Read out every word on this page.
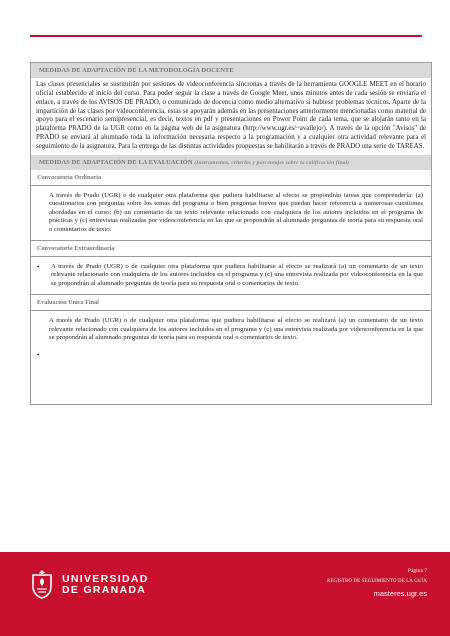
MEDIDAS DE ADAPTACIÓN DE LA METODOLOGÍA DOCENTE

Las clases presenciales se sustituirán por sesiones de videoconferencia síncronas a través de la herramienta GOOGLE MEET en el horario oficial establecido al inicio del curso. Para poder seguir la clase a través de Google Meet, unos minutos antes de cada sesión se enviaría el enlace, a través de los AVISOS DE PRADO, o comunicado de docencia como medio alternativo si hubiese problemas técnicos. Aparte de la impartición de las clases por videoconferencia, estas se apoyarán además en las presentaciones anteriormente mencionadas como material de apoyo para el escenario semipresencial, es decir, textos en pdf y presentaciones en Power Point de cada tema, que se alojarán tanto en la plataforma PRADO de la UGR como en la página web de la asignatura (http://www.ugr.es/~avallejo/). A través de la opción "Avisos" de PRADO se enviará al alumnado toda la información necesaria respecto a la programación y a cualquier otra actividad relevante para el seguimiento de la asignatura. Para la entrega de las distintas actividades propuestas se habilitarán a través de PRADO una serie de TAREAS.

MEDIDAS DE ADAPTACIÓN DE LA EVALUACIÓN (Instrumentos, criterios y porcentajes sobre la calificación final)
Convocatoria Ordinaria

A través de Prado (UGR) o de cualquier otra plataforma que pudiera habilitarse al efecto se propondrán tareas que comprendería: (a) cuestionarios con preguntas sobre los temas del programa o bien preguntas breves que puedan hacer referencia a numerosas cuestiones abordadas en el curso; (b) un comentario de un texto relevante relacionado con cualquiera de los autores incluidos en el programa de prácticas y (c) entrevistas realizadas por videoconferencia en las que se propondrán al alumnado preguntas de teoría para su respuesta oral o comentarios de texto.

Convocatoria Extraordinaria
•	A través de Prado (UGR) o de cualquier otra plataforma que pudiera habilitarse al efecto se realizará (a) un comentario de un texto relevante relacionado con cualquiera de los autores incluidos en el programa y (c) una entrevista realizada por videoconferencia en la que se propondrán al alumnado preguntas de teoría para su respuesta oral o comentarios de texto.

Evaluación Única Final

A través de Prado (UGR) o de cualquier otra plataforma que pudiera habilitarse al efecto se realizará (a) un comentario de un texto relevante relacionado con cualquiera de los autores incluidos en el programa y (c) una entrevista realizada por videoconferencia en la que se propondrán al alumnado preguntas de teoría para su respuesta oral o comentarios de texto.

•
UNIVERSIDAD
DE GRANADA
Página 7
REGISTRO DE SEGUIMIENTO DE LA GUÍA
masteres.ugr.es
